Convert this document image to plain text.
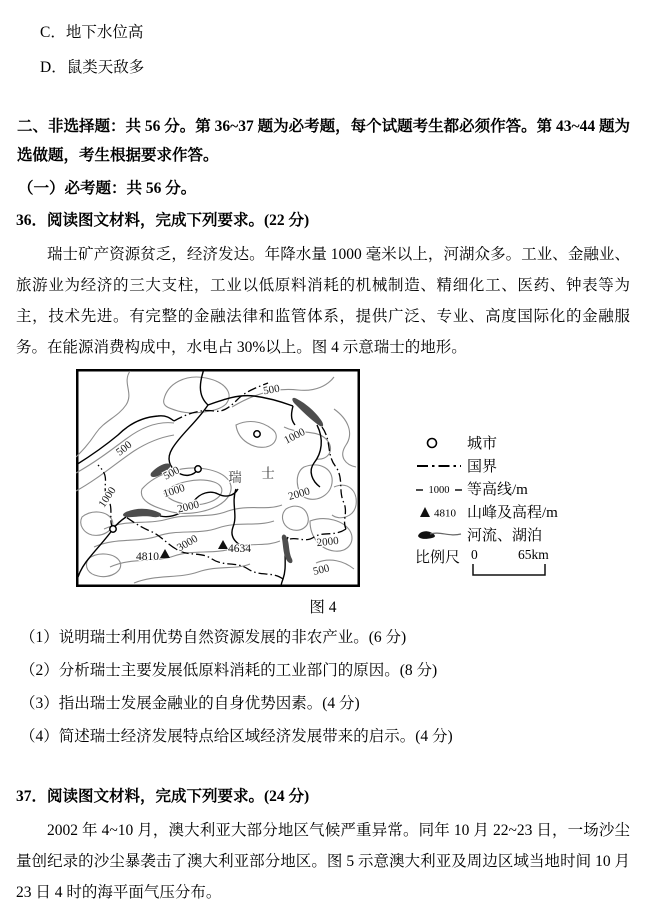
C．地下水位高
D．鼠类天敌多

二、非选择题：共 56 分。第 36~37 题为必考题，每个试题考生都必须作答。第 43~44 题为选做题，考生根据要求作答。

（一）必考题：共 56 分。

36．阅读图文材料，完成下列要求。(22 分)

瑞士矿产资源贫乏，经济发达。年降水量 1000 毫米以上，河湖众多。工业、金融业、旅游业为经济的三大支柱，工业以低原料消耗的机械制造、精细化工、医药、钟表等为主，技术先进。有完整的金融法律和监管体系，提供广泛、专业、高度国际化的金融服务。在能源消费构成中，水电占 30%以上。图 4 示意瑞士的地形。

500
500
500
1000
1000	1000
2000
2000
3000	2000
500
4810
4634
瑞 士
城市
国界
1000 等高线/m
4810 山峰及高程/m
河流、湖泊
比例尺 0	65km
图 4

（1）说明瑞士利用优势自然资源发展的非农产业。(6 分)

（2）分析瑞士主要发展低原料消耗的工业部门的原因。(8 分)

（3）指出瑞士发展金融业的自身优势因素。(4 分)

（4）简述瑞士经济发展特点给区域经济发展带来的启示。(4 分)

37．阅读图文材料，完成下列要求。(24 分)

2002 年 4~10 月，澳大利亚大部分地区气候严重异常。同年 10 月 22~23 日，一场沙尘量创纪录的沙尘暴袭击了澳大利亚部分地区。图 5 示意澳大利亚及周边区域当地时间 10 月 23 日 4 时的海平面气压分布。
